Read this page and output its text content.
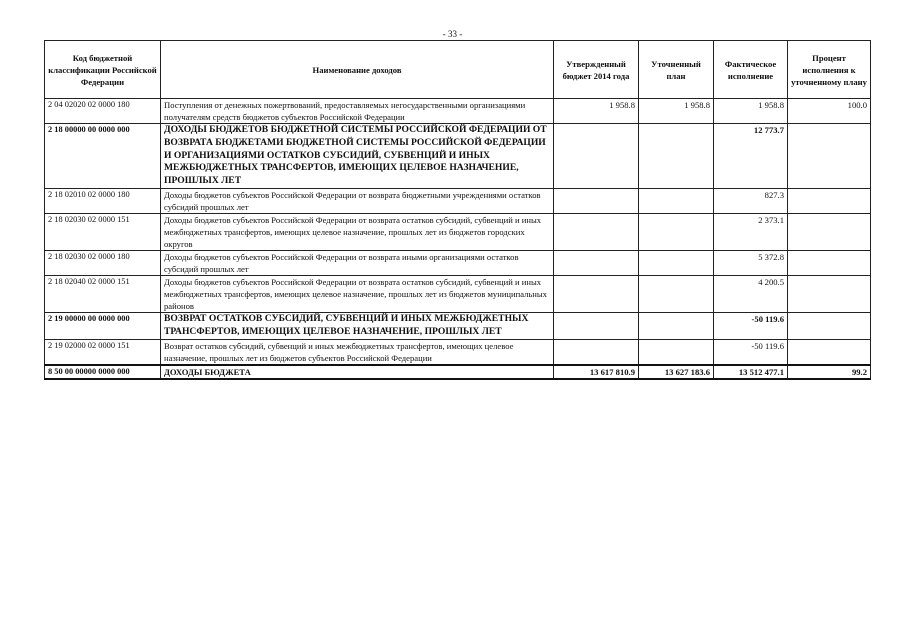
- 33 -
Код бюджетной классификации Российской Федерации	Наименование доходов	Утвержденный бюджет 2014 года	Уточненный план	Фактическое исполнение	Процент исполнения к уточненному плану
2 04 02020 02 0000 180	Поступления от денежных пожертвований, предоставляемых негосударственными организациями получателям средств бюджетов субъектов Российской Федерации	1 958.8	1 958.8	1 958.8	100.0
2 18 00000 00 0000 000	ДОХОДЫ БЮДЖЕТОВ БЮДЖЕТНОЙ СИСТЕМЫ РОССИЙСКОЙ ФЕДЕРАЦИИ ОТ ВОЗВРАТА БЮДЖЕТАМИ БЮДЖЕТНОЙ СИСТЕМЫ РОССИЙСКОЙ ФЕДЕРАЦИИ И ОРГАНИЗАЦИЯМИ ОСТАТКОВ СУБСИДИЙ, СУБВЕНЦИЙ И ИНЫХ МЕЖБЮДЖЕТНЫХ ТРАНСФЕРТОВ, ИМЕЮЩИХ ЦЕЛЕВОЕ НАЗНАЧЕНИЕ, ПРОШЛЫХ ЛЕТ			12 773.7	
2 18 02010 02 0000 180	Доходы бюджетов субъектов Российской Федерации от возврата бюджетными учреждениями остатков субсидий прошлых лет			827.3	
2 18 02030 02 0000 151	Доходы бюджетов субъектов Российской Федерации от возврата остатков субсидий, субвенций и иных межбюджетных трансфертов, имеющих целевое назначение, прошлых лет из бюджетов городских округов			2 373.1	
2 18 02030 02 0000 180	Доходы бюджетов субъектов Российской Федерации от возврата иными организациями остатков субсидий прошлых лет			5 372.8	
2 18 02040 02 0000 151	Доходы бюджетов субъектов Российской Федерации от возврата остатков субсидий, субвенций и иных межбюджетных трансфертов, имеющих целевое назначение, прошлых лет из бюджетов муниципальных районов			4 200.5	
2 19 00000 00 0000 000	ВОЗВРАТ ОСТАТКОВ СУБСИДИЙ, СУБВЕНЦИЙ И ИНЫХ МЕЖБЮДЖЕТНЫХ ТРАНСФЕРТОВ, ИМЕЮЩИХ ЦЕЛЕВОЕ НАЗНАЧЕНИЕ, ПРОШЛЫХ ЛЕТ			-50 119.6	
2 19 02000 02 0000 151	Возврат остатков субсидий, субвенций и иных межбюджетных трансфертов, имеющих целевое назначение, прошлых лет из бюджетов субъектов Российской Федерации			-50 119.6	
8 50 00 00000 0000 000	ДОХОДЫ БЮДЖЕТА	13 617 810.9	13 627 183.6	13 512 477.1	99.2
